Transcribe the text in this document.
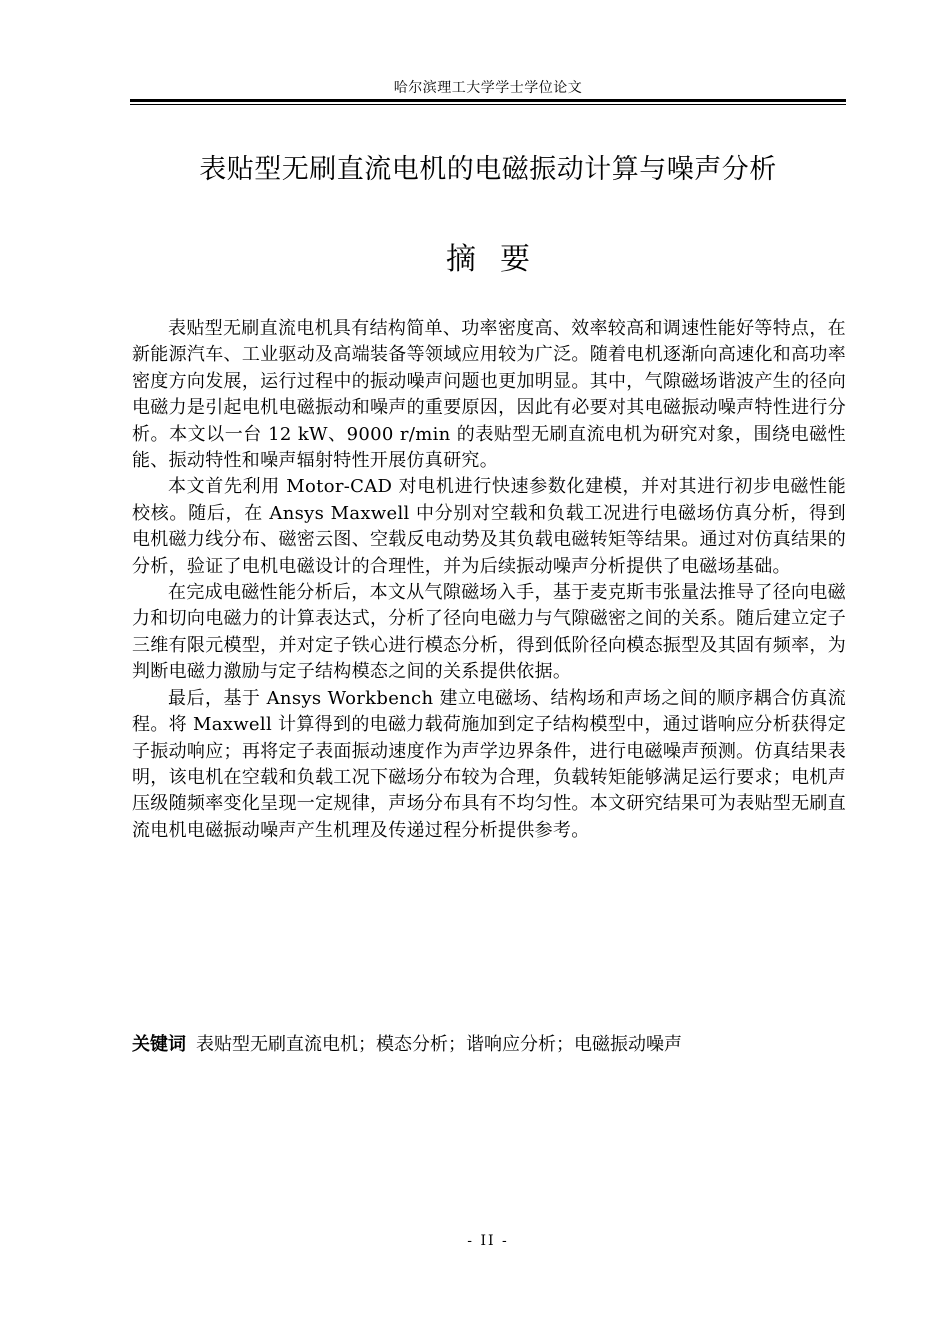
哈尔滨理工大学学士学位论文
表贴型无刷直流电机的电磁振动计算与噪声分析
摘要

表贴型无刷直流电机具有结构简单、功率密度高、效率较高和调速性能好等特点，在新能源汽车、工业驱动及高端装备等领域应用较为广泛。随着电机逐渐向高速化和高功率密度方向发展，运行过程中的振动噪声问题也更加明显。其中，气隙磁场谐波产生的径向电磁力是引起电机电磁振动和噪声的重要原因，因此有必要对其电磁振动噪声特性进行分析。本文以一台 12 kW、9000 r/min 的表贴型无刷直流电机为研究对象，围绕电磁性能、振动特性和噪声辐射特性开展仿真研究。

本文首先利用 Motor-CAD 对电机进行快速参数化建模，并对其进行初步电磁性能校核。随后，在 Ansys Maxwell 中分别对空载和负载工况进行电磁场仿真分析，得到电机磁力线分布、磁密云图、空载反电动势及其负载电磁转矩等结果。通过对仿真结果的分析，验证了电机电磁设计的合理性，并为后续振动噪声分析提供了电磁场基础。

在完成电磁性能分析后，本文从气隙磁场入手，基于麦克斯韦张量法推导了径向电磁力和切向电磁力的计算表达式，分析了径向电磁力与气隙磁密之间的关系。随后建立定子三维有限元模型，并对定子铁心进行模态分析，得到低阶径向模态振型及其固有频率，为判断电磁力激励与定子结构模态之间的关系提供依据。

最后，基于 Ansys Workbench 建立电磁场、结构场和声场之间的顺序耦合仿真流程。将 Maxwell 计算得到的电磁力载荷施加到定子结构模型中，通过谐响应分析获得定子振动响应；再将定子表面振动速度作为声学边界条件，进行电磁噪声预测。仿真结果表明，该电机在空载和负载工况下磁场分布较为合理，负载转矩能够满足运行要求；电机声压级随频率变化呈现一定规律，声场分布具有不均匀性。本文研究结果可为表贴型无刷直流电机电磁振动噪声产生机理及传递过程分析提供参考。

关键词 表贴型无刷直流电机；模态分析；谐响应分析；电磁振动噪声
- II -
